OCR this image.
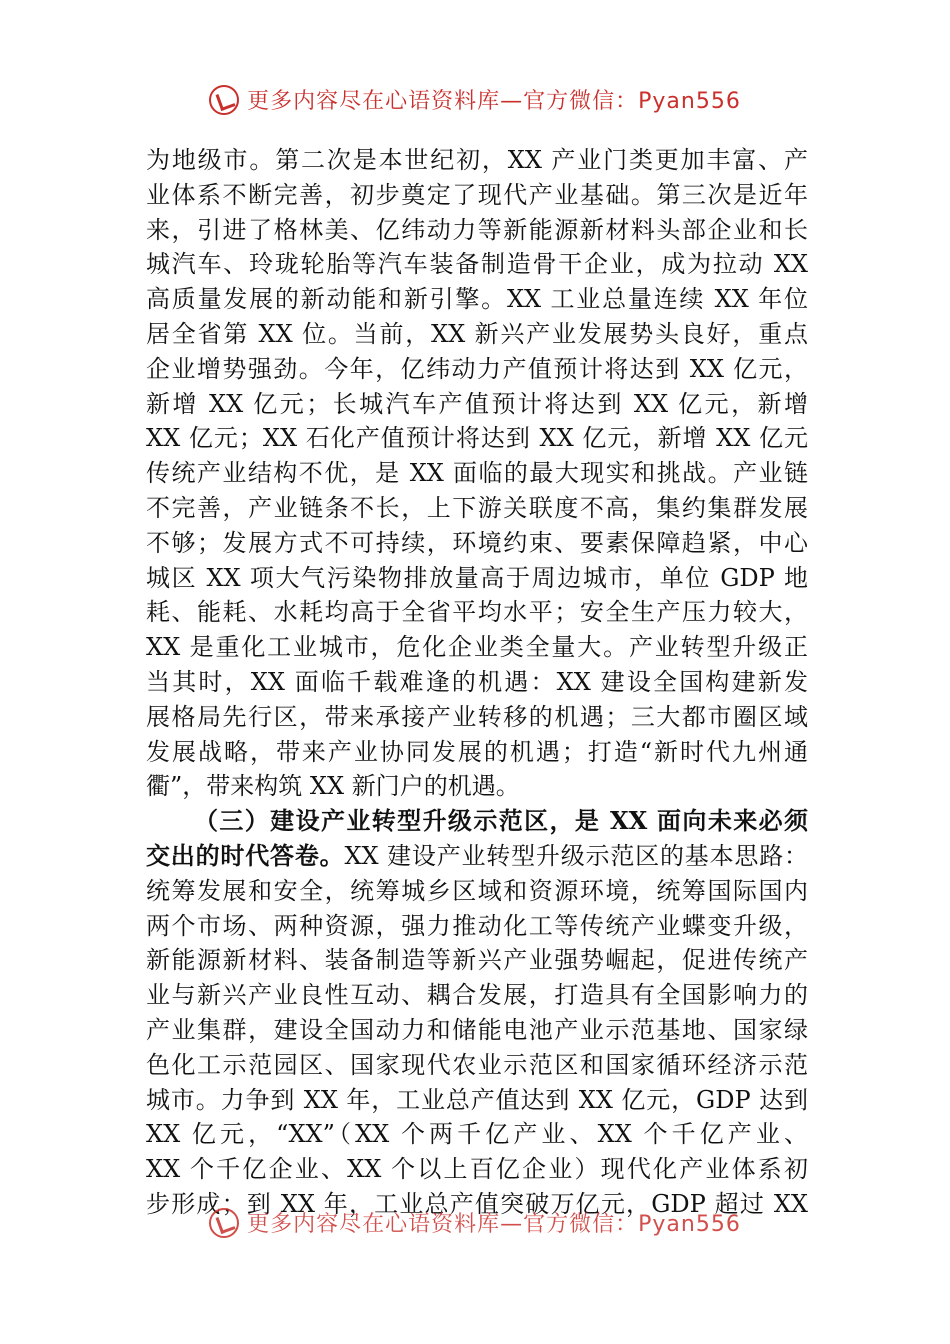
更多内容尽在心语资料库—官方微信：Pyan556
为地级市。第二次是本世纪初，XX 产业门类更加丰富、产
业体系不断完善，初步奠定了现代产业基础。第三次是近年
来，引进了格林美、亿纬动力等新能源新材料头部企业和长
城汽车、玲珑轮胎等汽车装备制造骨干企业，成为拉动 XX
高质量发展的新动能和新引擎。XX 工业总量连续 XX 年位
居全省第 XX 位。当前，XX 新兴产业发展势头良好，重点
企业增势强劲。今年，亿纬动力产值预计将达到 XX 亿元，
新增 XX 亿元；长城汽车产值预计将达到 XX 亿元，新增
XX 亿元；XX 石化产值预计将达到 XX 亿元，新增 XX 亿元
传统产业结构不优，是 XX 面临的最大现实和挑战。产业链
不完善，产业链条不长，上下游关联度不高，集约集群发展
不够；发展方式不可持续，环境约束、要素保障趋紧，中心
城区 XX 项大气污染物排放量高于周边城市，单位 GDP 地
耗、能耗、水耗均高于全省平均水平；安全生产压力较大，
XX 是重化工业城市，危化企业类全量大。产业转型升级正
当其时，XX 面临千载难逢的机遇：XX 建设全国构建新发
展格局先行区，带来承接产业转移的机遇；三大都市圈区域
发展战略，带来产业协同发展的机遇；打造“新时代九州通
衢”，带来构筑 XX 新门户的机遇。
（三）建设产业转型升级示范区，是 XX 面向未来必须
交出的时代答卷。XX 建设产业转型升级示范区的基本思路：
统筹发展和安全，统筹城乡区域和资源环境，统筹国际国内
两个市场、两种资源，强力推动化工等传统产业蝶变升级，
新能源新材料、装备制造等新兴产业强势崛起，促进传统产
业与新兴产业良性互动、耦合发展，打造具有全国影响力的
产业集群，建设全国动力和储能电池产业示范基地、国家绿
色化工示范园区、国家现代农业示范区和国家循环经济示范
城市。力争到 XX 年，工业总产值达到 XX 亿元，GDP 达到
XX 亿元，“XX”（XX 个两千亿产业、XX 个千亿产业、
XX 个千亿企业、XX 个以上百亿企业）现代化产业体系初
步形成；到 XX 年，工业总产值突破万亿元，GDP 超过 XX
更多内容尽在心语资料库—官方微信：Pyan556
